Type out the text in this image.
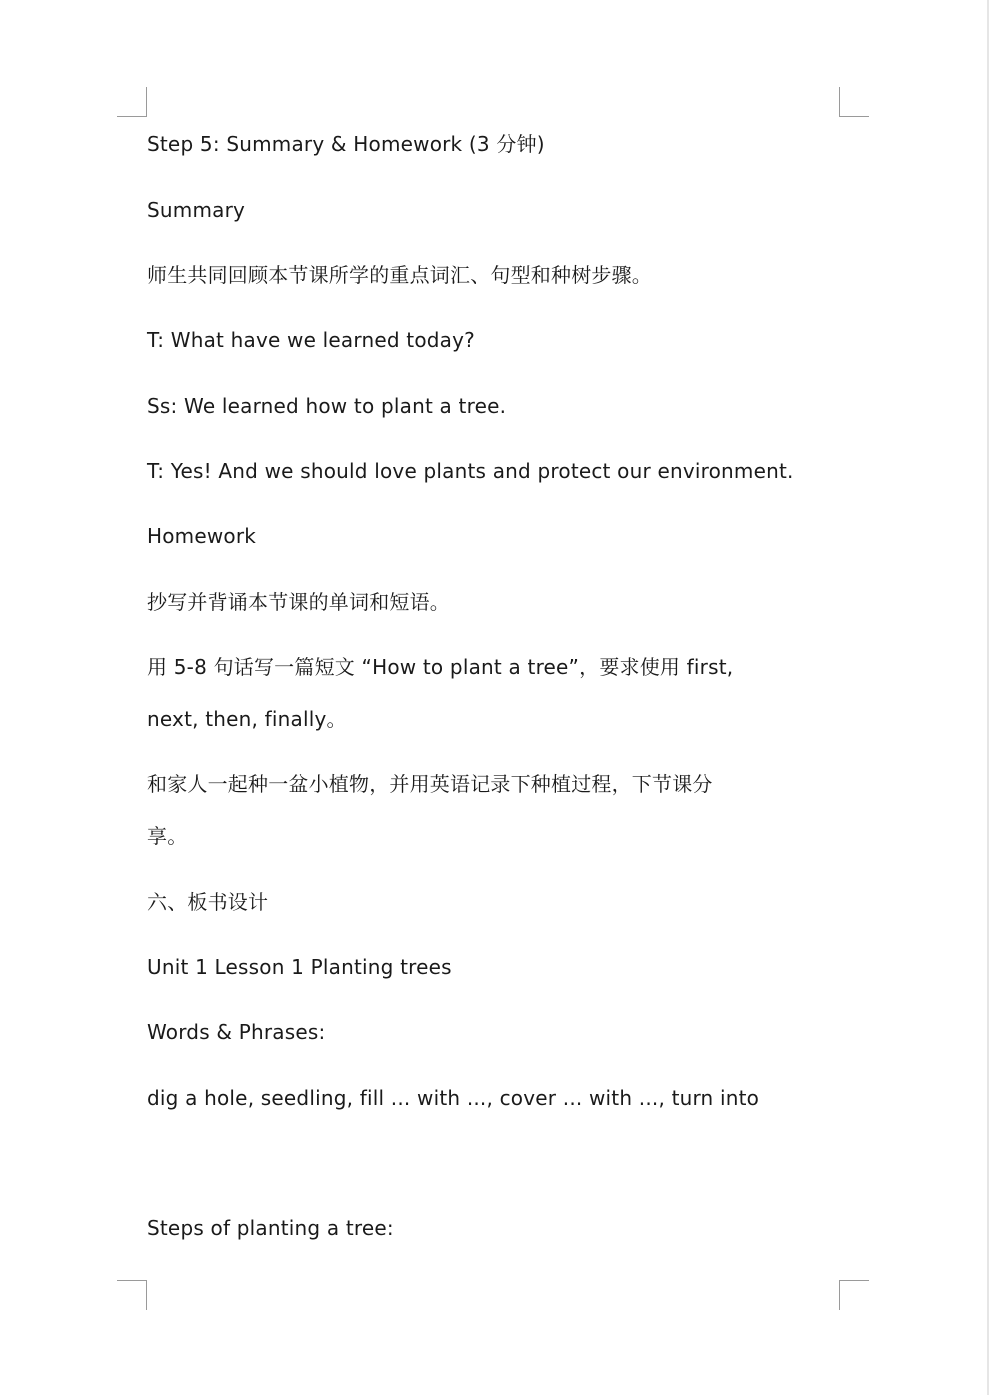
Step 5: Summary & Homework (3 分钟)

Summary

师生共同回顾本节课所学的重点词汇、句型和种树步骤。

T: What have we learned today?

Ss: We learned how to plant a tree.

T: Yes! And we should love plants and protect our environment.

Homework

抄写并背诵本节课的单词和短语。

用 5-8 句话写一篇短文 “How to plant a tree”，要求使用 first,

next, then, finally。

和家人一起种一盆小植物，并用英语记录下种植过程，下节课分

享。

六、板书设计

Unit 1 Lesson 1 Planting trees

Words & Phrases:

dig a hole, seedling, fill ... with ..., cover ... with ..., turn into

Steps of planting a tree:
